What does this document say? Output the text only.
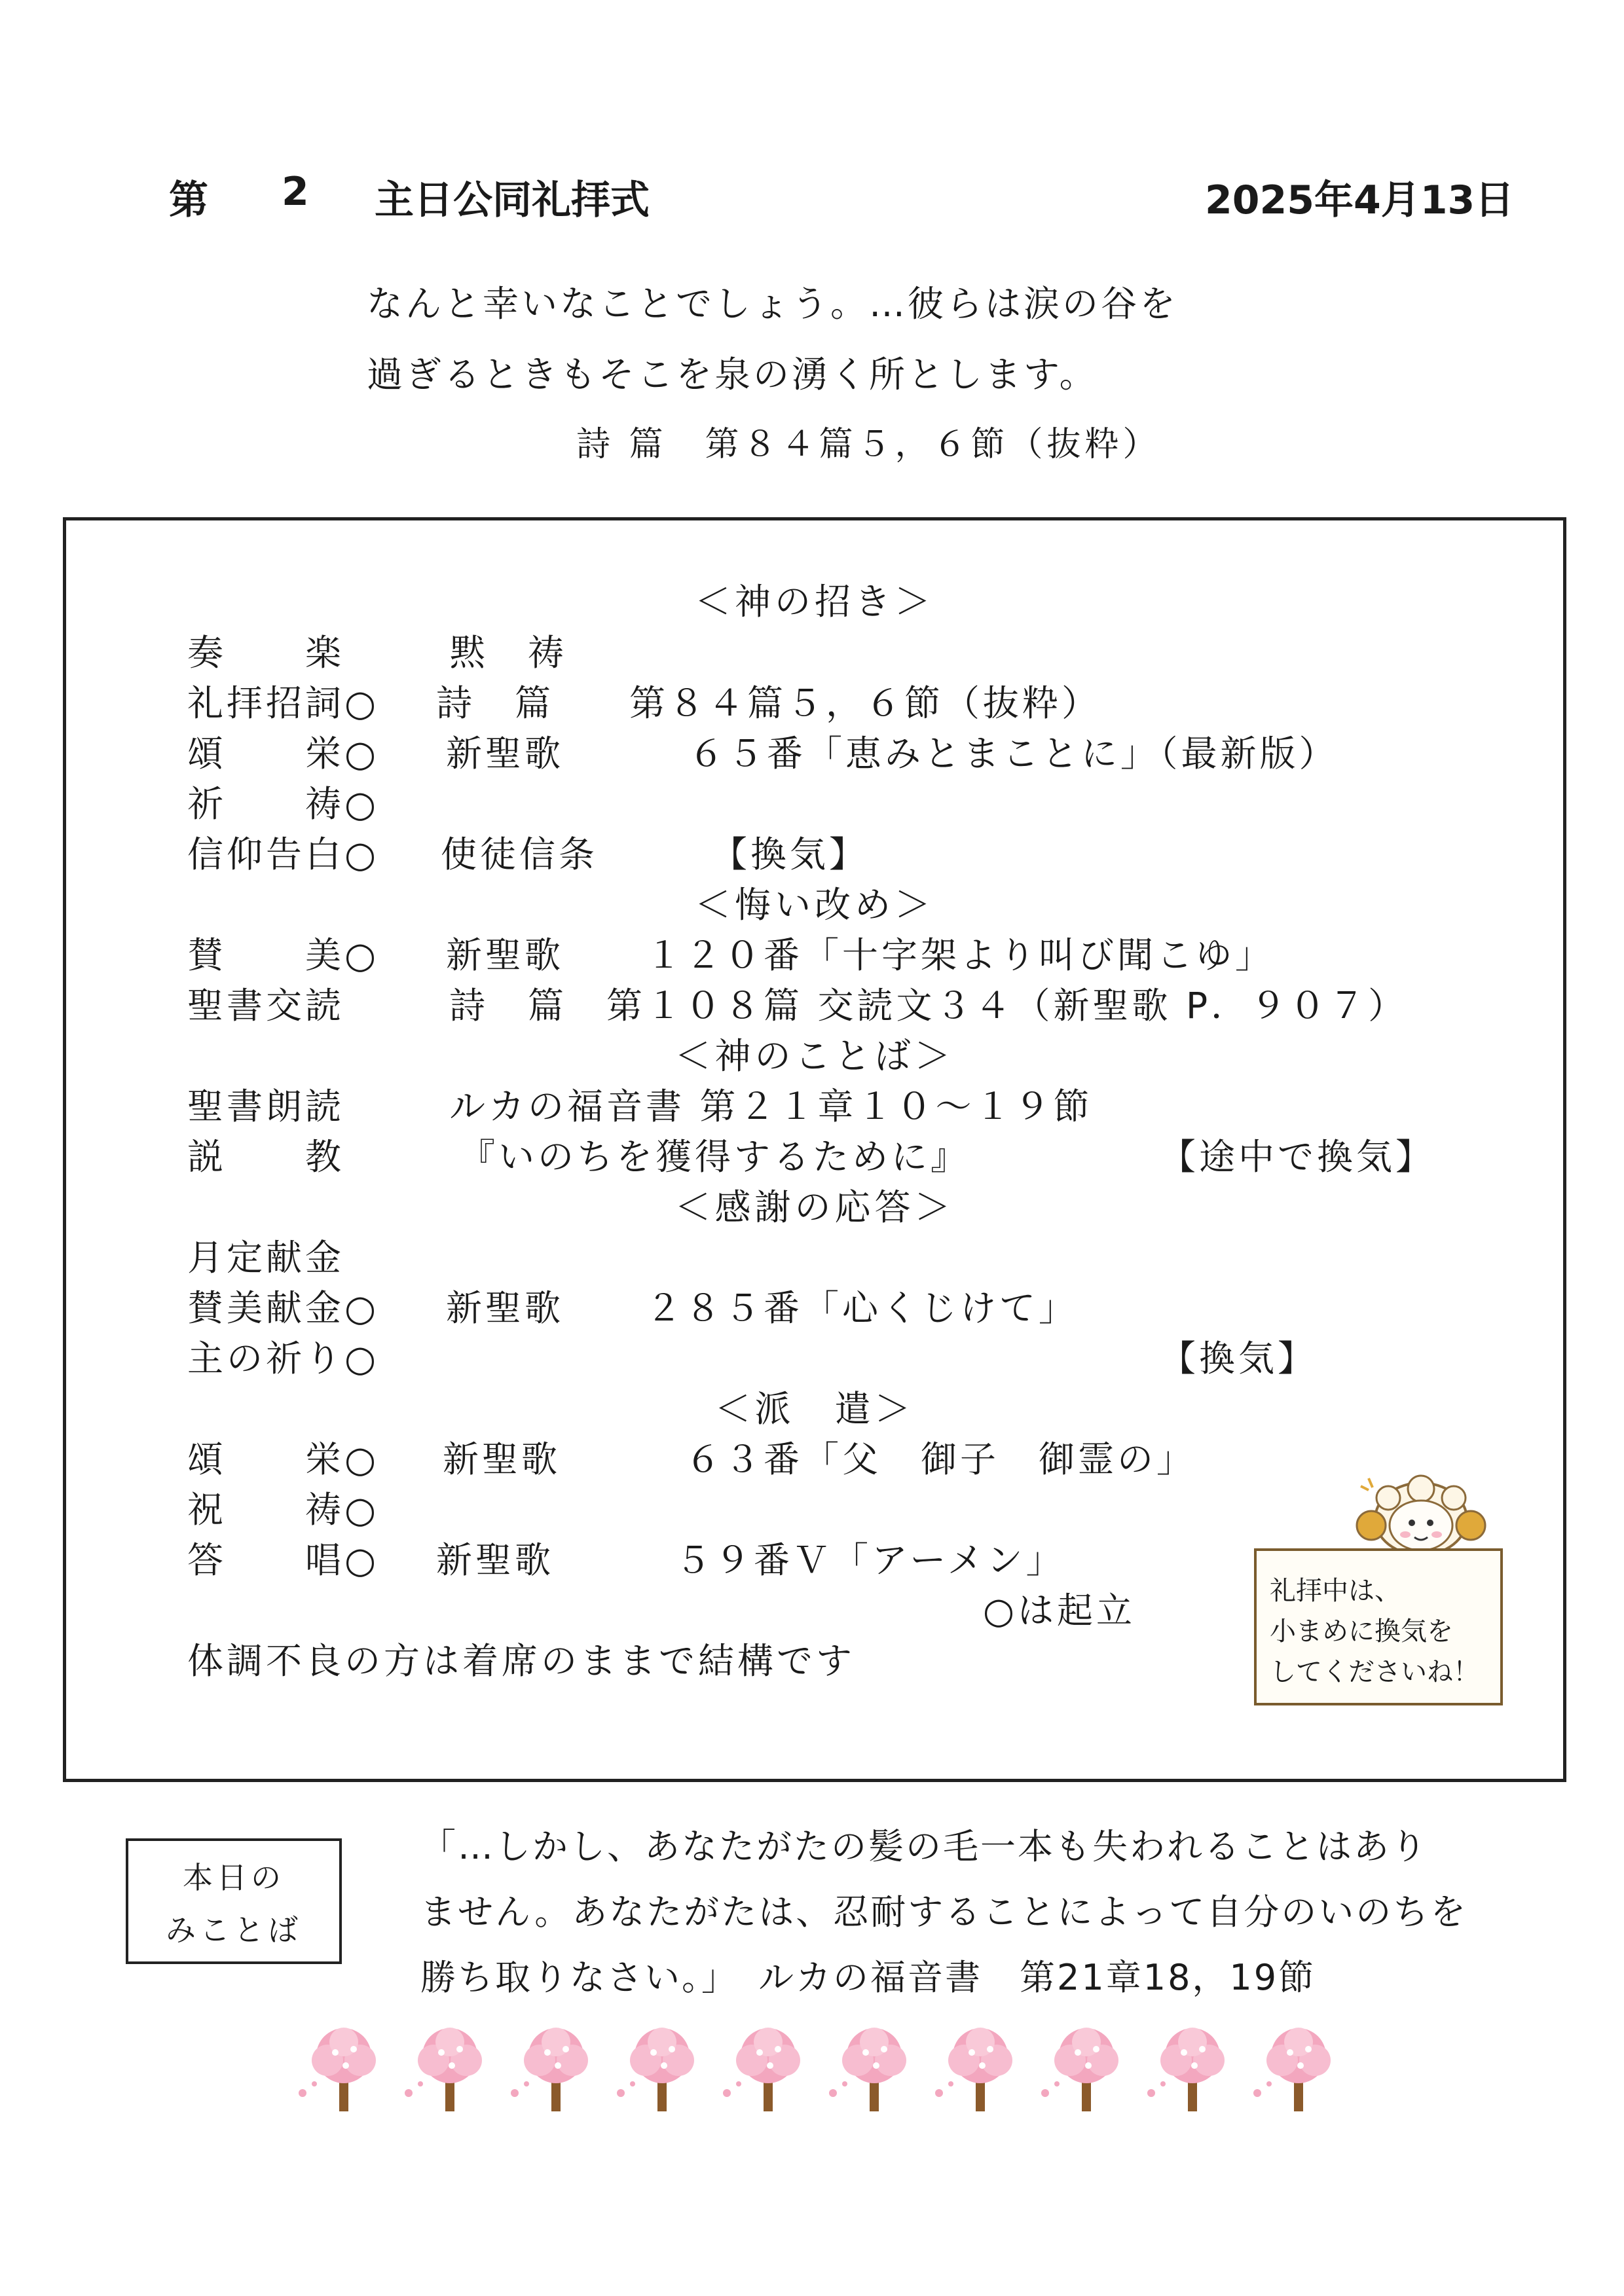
第 2 主日公同礼拝式	2025年4月13日
なんと幸いなことでしょう。…彼らは涙の谷を
過ぎるときもそこを泉の湧く所とします。
詩 篇　第８４篇５，６節（抜粋）
＜神の招き＞
奏　　楽	黙　祷
礼拝招詞○ 詩　篇 第８４篇５，６節（抜粋）
頌　　栄○ 新聖歌	６５番「恵みとまことに」（最新版）
祈　　祷○
信仰告白○ 使徒信条	【換気】
＜悔い改め＞
賛　　美○ 新聖歌 １２０番「十字架より叫び聞こゆ」
聖書交読	詩　篇 第１０８篇 交読文３４（新聖歌 P．９０７）
＜神のことば＞
聖書朗読	ルカの福音書 第２１章１０～１９節
説　　教	『いのちを獲得するために』	【途中で換気】
＜感謝の応答＞
月定献金
賛美献金○ 新聖歌 ２８５番「心くじけて」
主の祈り○	【換気】
＜派　遣＞
頌　　栄○ 新聖歌	６３番「父　御子　御霊の」
祝　　祷○
答　　唱○ 新聖歌	５９番Ｖ「アーメン」
○は起立
体調不良の方は着席のままで結構です
礼拝中は、
小まめに換気を
してくださいね！
本日の
みことば
「…しかし、あなたがたの髪の毛一本も失われることはあり
ません。あなたがたは、忍耐することによって自分のいのちを
勝ち取りなさい。」　ルカの福音書　第21章18，19節
